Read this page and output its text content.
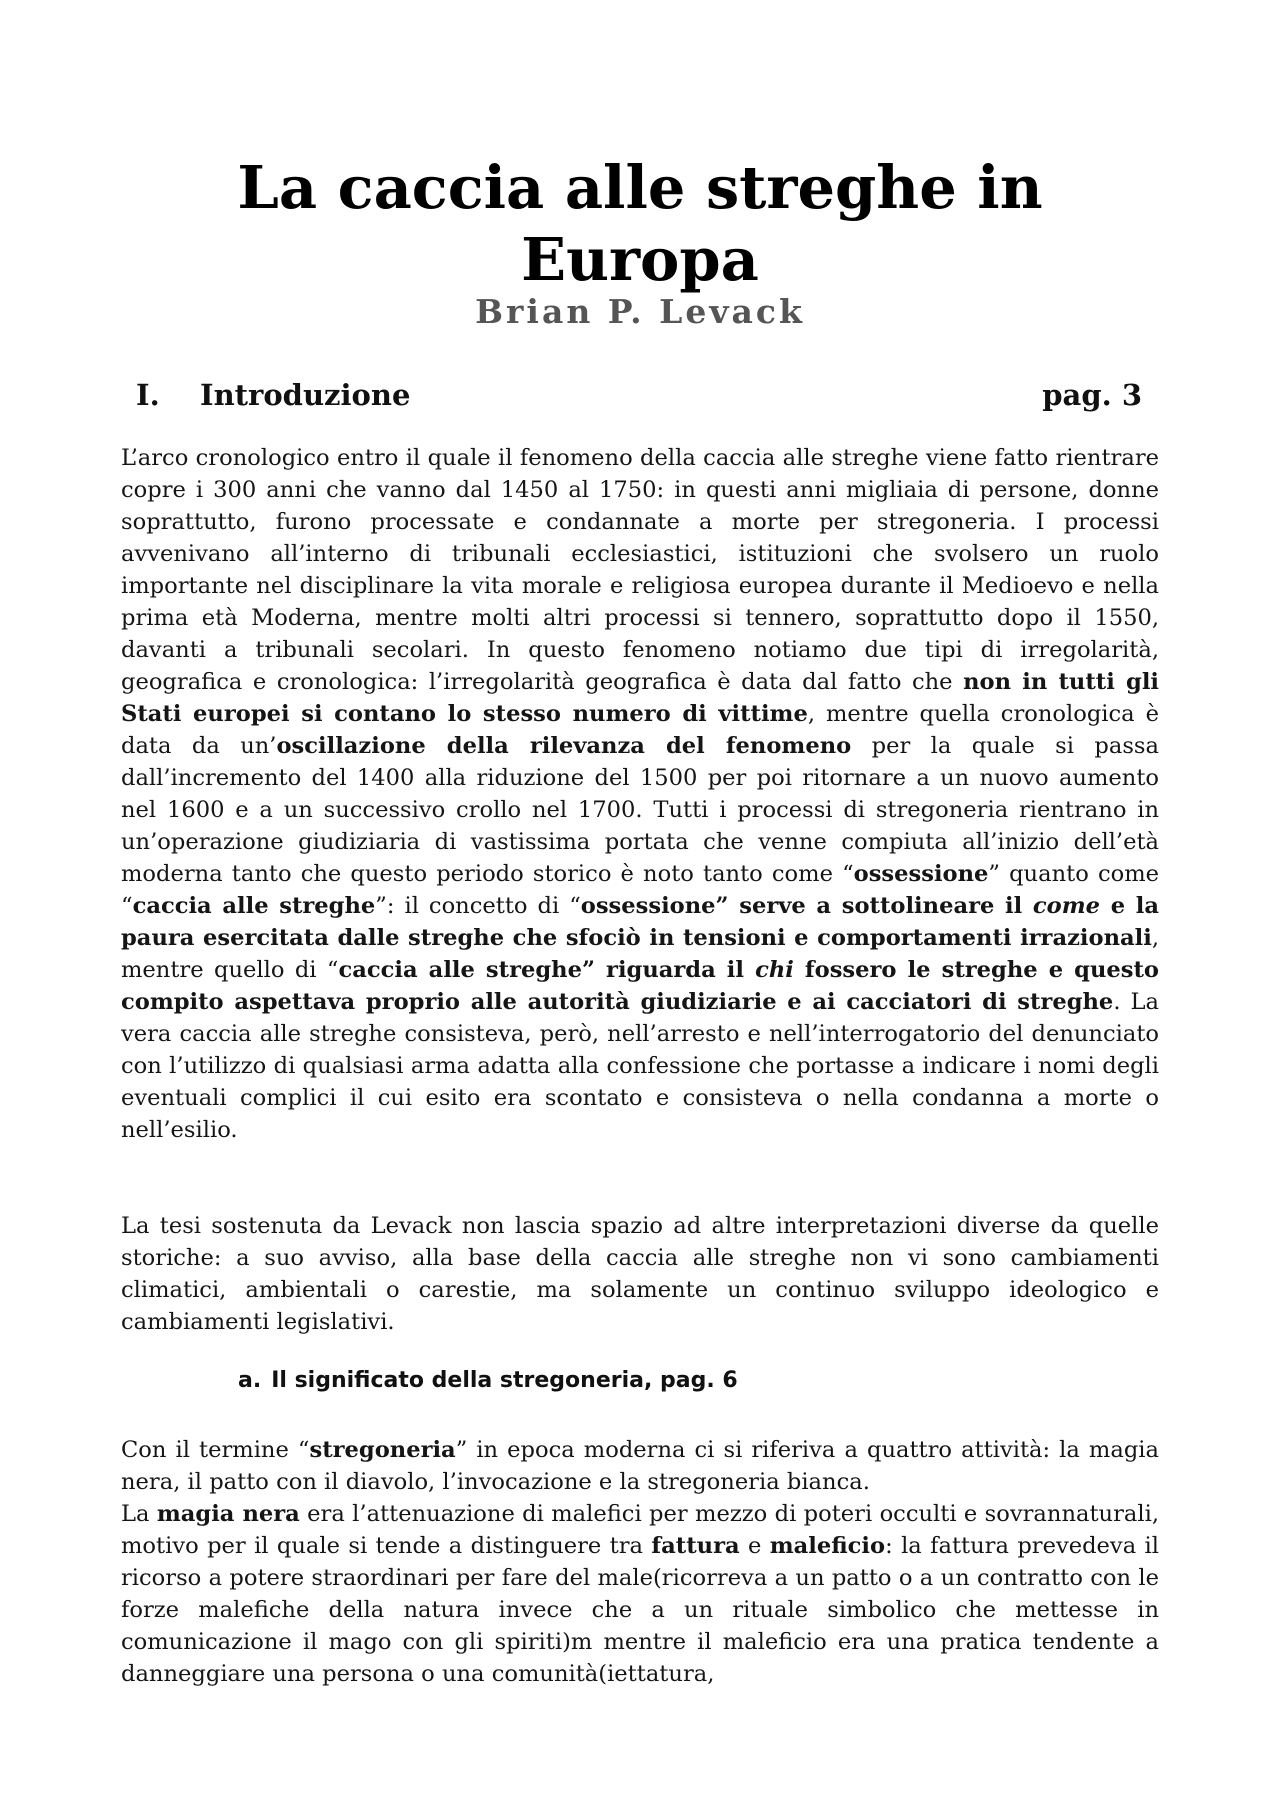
La caccia alle streghe in
Europa
Brian P. Levack
I.	Introduzione	pag. 3

L’arco cronologico entro il quale il fenomeno della caccia alle streghe viene fatto rientrare copre i 300 anni che vanno dal 1450 al 1750: in questi anni migliaia di persone, donne soprattutto, furono processate e condannate a morte per stregoneria. I processi avvenivano all’interno di tribunali ecclesiastici, istituzioni che svolsero un ruolo importante nel disciplinare la vita morale e religiosa europea durante il Medioevo e nella prima età Moderna, mentre molti altri processi si tennero, soprattutto dopo il 1550, davanti a tribunali secolari. In questo fenomeno notiamo due tipi di irregolarità, geografica e cronologica: l’irregolarità geografica è data dal fatto che non in tutti gli Stati europei si contano lo stesso numero di vittime, mentre quella cronologica è data da un’oscillazione della rilevanza del fenomeno per la quale si passa dall’incremento del 1400 alla riduzione del 1500 per poi ritornare a un nuovo aumento nel 1600 e a un successivo crollo nel 1700. Tutti i processi di stregoneria rientrano in un’operazione giudiziaria di vastissima portata che venne compiuta all’inizio dell’età moderna tanto che questo periodo storico è noto tanto come “ossessione” quanto come “caccia alle streghe”: il concetto di “ossessione” serve a sottolineare il come e la paura esercitata dalle streghe che sfociò in tensioni e comportamenti irrazionali, mentre quello di “caccia alle streghe” riguarda il chi fossero le streghe e questo compito aspettava proprio alle autorità giudiziarie e ai cacciatori di streghe. La vera caccia alle streghe consisteva, però, nell’arresto e nell’interrogatorio del denunciato con l’utilizzo di qualsiasi arma adatta alla confessione che portasse a indicare i nomi degli eventuali complici il cui esito era scontato e consisteva o nella condanna a morte o nell’esilio.

La tesi sostenuta da Levack non lascia spazio ad altre interpretazioni diverse da quelle storiche: a suo avviso, alla base della caccia alle streghe non vi sono cambiamenti climatici, ambientali o carestie, ma solamente un continuo sviluppo ideologico e cambiamenti legislativi.

a. Il significato della stregoneria, pag. 6

Con il termine “stregoneria” in epoca moderna ci si riferiva a quattro attività: la magia nera, il patto con il diavolo, l’invocazione e la stregoneria bianca.

La magia nera era l’attenuazione di malefici per mezzo di poteri occulti e sovrannaturali, motivo per il quale si tende a distinguere tra fattura e maleficio: la fattura prevedeva il ricorso a potere straordinari per fare del male(ricorreva a un patto o a un contratto con le forze malefiche della natura invece che a un rituale simbolico che mettesse in comunicazione il mago con gli spiriti)m mentre il maleficio era una pratica tendente a danneggiare una persona o una comunità(iettatura,
